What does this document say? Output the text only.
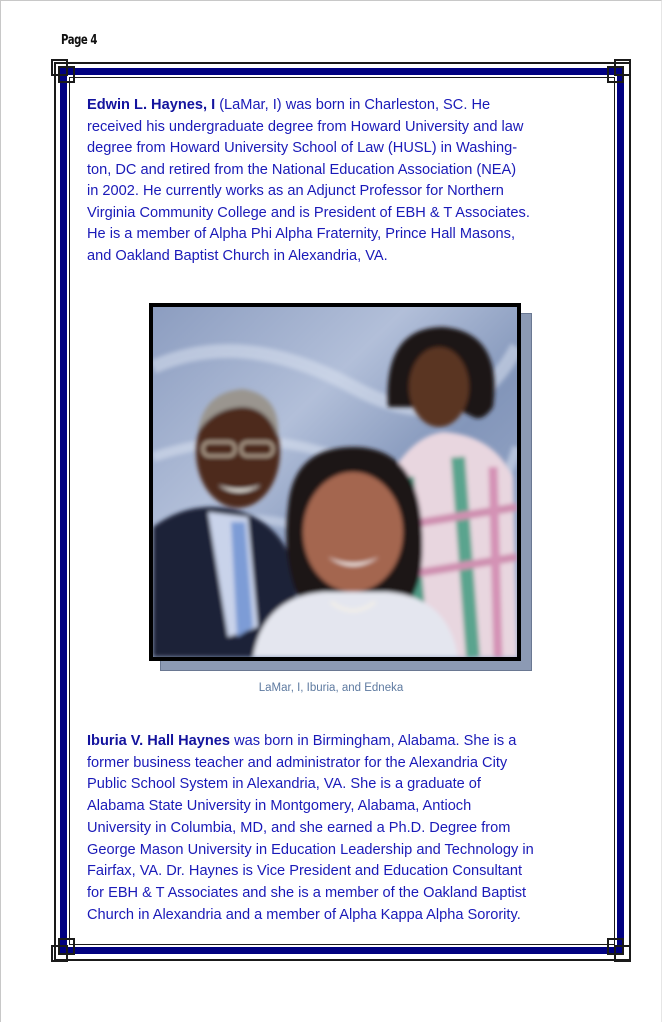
Page 4
Edwin L. Haynes, I (LaMar, I) was born in Charleston, SC. He
received his undergraduate degree from Howard University and law
degree from Howard University School of Law (HUSL) in Washing-
ton, DC and retired from the National Education Association (NEA)
in 2002. He currently works as an Adjunct Professor for Northern
Virginia Community College and is President of EBH & T Associates.
He is a member of Alpha Phi Alpha Fraternity, Prince Hall Masons,
and Oakland Baptist Church in Alexandria, VA.
LaMar, I, Iburia, and Edneka
Iburia V. Hall Haynes was born in Birmingham, Alabama. She is a
former business teacher and administrator for the Alexandria City
Public School System in Alexandria, VA. She is a graduate of
Alabama State University in Montgomery, Alabama, Antioch
University in Columbia, MD, and she earned a Ph.D. Degree from
George Mason University in Education Leadership and Technology in
Fairfax, VA. Dr. Haynes is Vice President and Education Consultant
for EBH & T Associates and she is a member of the Oakland Baptist
Church in Alexandria and a member of Alpha Kappa Alpha Sorority.
